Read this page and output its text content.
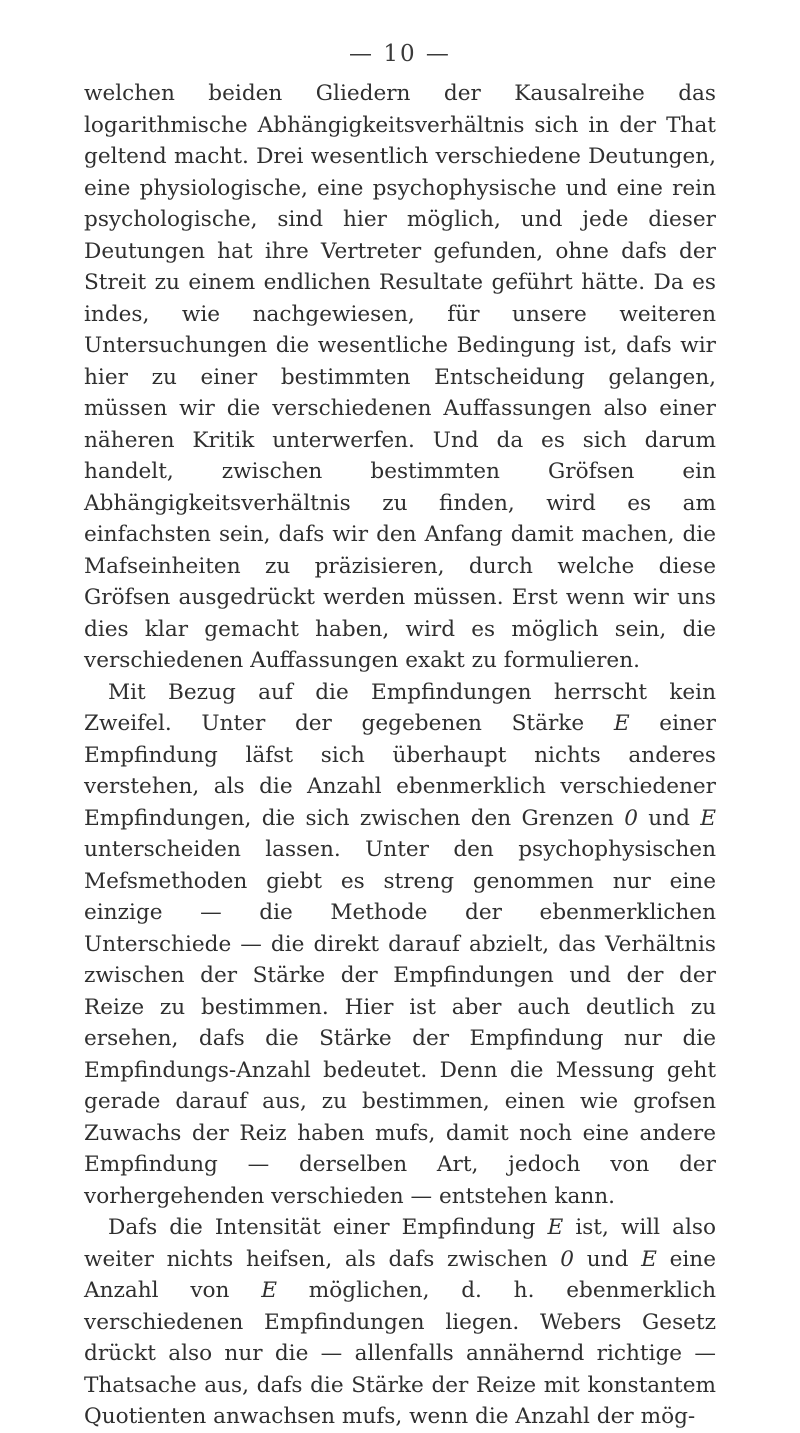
— 10 —

welchen beiden Gliedern der Kausalreihe das logarithmische Abhängigkeitsverhältnis sich in der That geltend macht. Drei wesentlich verschiedene Deutungen, eine physiologische, eine psychophysische und eine rein psychologische, sind hier möglich, und jede dieser Deutungen hat ihre Vertreter gefunden, ohne dafs der Streit zu einem endlichen Resultate geführt hätte. Da es indes, wie nachgewiesen, für unsere weiteren Untersuchungen die wesentliche Bedingung ist, dafs wir hier zu einer bestimmten Entscheidung gelangen, müssen wir die verschiedenen Auffassungen also einer näheren Kritik unterwerfen. Und da es sich darum handelt, zwischen bestimmten Gröfsen ein Abhängigkeitsverhältnis zu finden, wird es am einfachsten sein, dafs wir den Anfang damit machen, die Mafseinheiten zu präzisieren, durch welche diese Gröfsen ausgedrückt werden müssen. Erst wenn wir uns dies klar gemacht haben, wird es möglich sein, die verschiedenen Auffassungen exakt zu formulieren.

Mit Bezug auf die Empfindungen herrscht kein Zweifel. Unter der gegebenen Stärke E einer Empfindung läfst sich überhaupt nichts anderes verstehen, als die Anzahl ebenmerklich verschiedener Empfindungen, die sich zwischen den Grenzen 0 und E unterscheiden lassen. Unter den psychophysischen Mefsmethoden giebt es streng genommen nur eine einzige — die Methode der ebenmerklichen Unterschiede — die direkt darauf abzielt, das Verhältnis zwischen der Stärke der Empfindungen und der der Reize zu bestimmen. Hier ist aber auch deutlich zu ersehen, dafs die Stärke der Empfindung nur die Empfindungs-Anzahl bedeutet. Denn die Messung geht gerade darauf aus, zu bestimmen, einen wie grofsen Zuwachs der Reiz haben mufs, damit noch eine andere Empfindung — derselben Art, jedoch von der vorhergehenden verschieden — entstehen kann.

Dafs die Intensität einer Empfindung E ist, will also weiter nichts heifsen, als dafs zwischen 0 und E eine Anzahl von E möglichen, d. h. ebenmerklich verschiedenen Empfindungen liegen. Webers Gesetz drückt also nur die — allenfalls annähernd richtige — Thatsache aus, dafs die Stärke der Reize mit konstantem Quotienten anwachsen mufs, wenn die Anzahl der mög-
